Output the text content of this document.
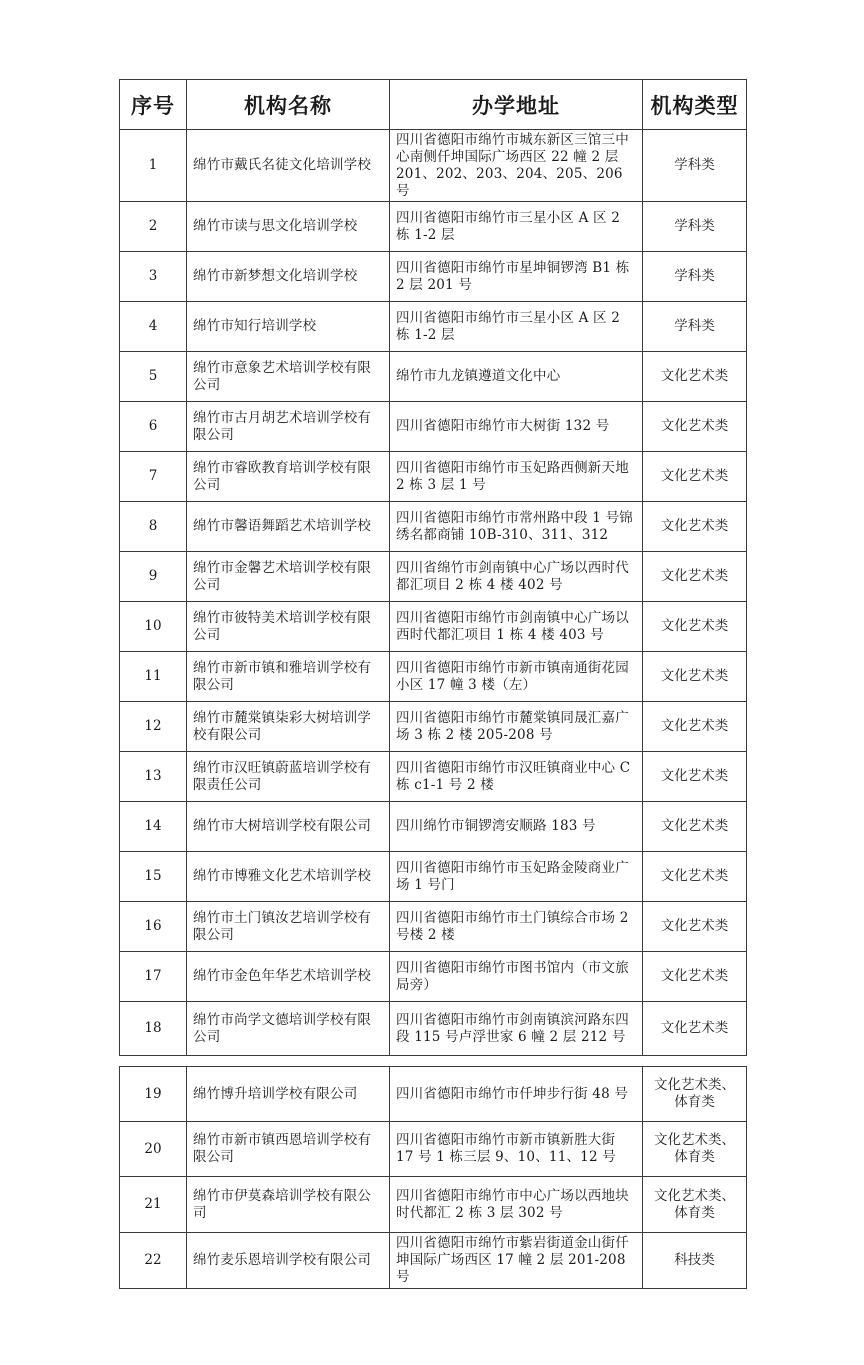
序号	机构名称	办学地址	机构类型
1	绵竹市戴氏名徒文化培训学校	四川省德阳市绵竹市城东新区三馆三中心南侧仟坤国际广场西区 22 幢 2 层 201、202、203、204、205、206 号	学科类
2	绵竹市读与思文化培训学校	四川省德阳市绵竹市三星小区 A 区 2 栋 1-2 层	学科类
3	绵竹市新梦想文化培训学校	四川省德阳市绵竹市星坤铜锣湾 B1 栋 2 层 201 号	学科类
4	绵竹市知行培训学校	四川省德阳市绵竹市三星小区 A 区 2 栋 1-2 层	学科类
5	绵竹市意象艺术培训学校有限公司	绵竹市九龙镇遵道文化中心	文化艺术类
6	绵竹市古月胡艺术培训学校有限公司	四川省德阳市绵竹市大树街 132 号	文化艺术类
7	绵竹市睿欧教育培训学校有限公司	四川省德阳市绵竹市玉妃路西侧新天地 2 栋 3 层 1 号	文化艺术类
8	绵竹市馨语舞蹈艺术培训学校	四川省德阳市绵竹市常州路中段 1 号锦绣名都商铺 10B-310、311、312	文化艺术类
9	绵竹市金馨艺术培训学校有限公司	四川省绵竹市剑南镇中心广场以西时代都汇项目 2 栋 4 楼 402 号	文化艺术类
10	绵竹市彼特美术培训学校有限公司	四川省德阳市绵竹市剑南镇中心广场以西时代都汇项目 1 栋 4 楼 403 号	文化艺术类
11	绵竹市新市镇和雅培训学校有限公司	四川省德阳市绵竹市新市镇南通街花园小区 17 幢 3 楼（左）	文化艺术类
12	绵竹市麓棠镇柒彩大树培训学校有限公司	四川省德阳市绵竹市麓棠镇同晟汇嘉广场 3 栋 2 楼 205-208 号	文化艺术类
13	绵竹市汉旺镇蔚蓝培训学校有限责任公司	四川省德阳市绵竹市汉旺镇商业中心 C 栋 c1-1 号 2 楼	文化艺术类
14	绵竹市大树培训学校有限公司	四川绵竹市铜锣湾安顺路 183 号	文化艺术类
15	绵竹市博雅文化艺术培训学校	四川省德阳市绵竹市玉妃路金陵商业广场 1 号门	文化艺术类
16	绵竹市土门镇汝艺培训学校有限公司	四川省德阳市绵竹市土门镇综合市场 2 号楼 2 楼	文化艺术类
17	绵竹市金色年华艺术培训学校	四川省德阳市绵竹市图书馆内（市文旅局旁）	文化艺术类
18	绵竹市尚学文德培训学校有限公司	四川省德阳市绵竹市剑南镇滨河路东四段 115 号卢浮世家 6 幢 2 层 212 号	文化艺术类
19	绵竹博升培训学校有限公司	四川省德阳市绵竹市仟坤步行街 48 号	文化艺术类、体育类
20	绵竹市新市镇西恩培训学校有限公司	四川省德阳市绵竹市新市镇新胜大街 17 号 1 栋三层 9、10、11、12 号	文化艺术类、体育类
21	绵竹市伊莫森培训学校有限公司	四川省德阳市绵竹市中心广场以西地块时代都汇 2 栋 3 层 302 号	文化艺术类、体育类
22	绵竹麦乐恩培训学校有限公司	四川省德阳市绵竹市紫岩街道金山街仟坤国际广场西区 17 幢 2 层 201-208 号	科技类
